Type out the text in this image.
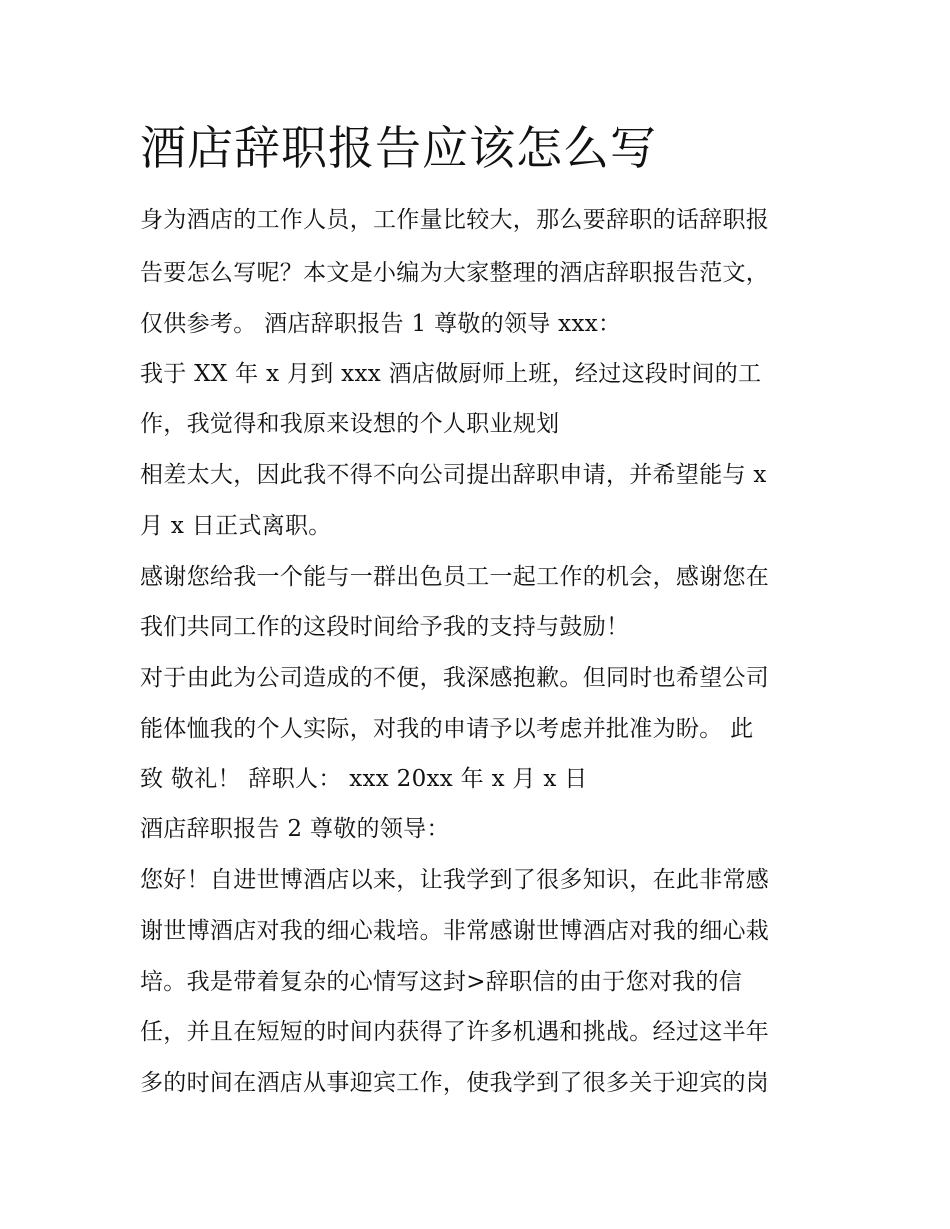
酒店辞职报告应该怎么写
身为酒店的工作人员，工作量比较大，那么要辞职的话辞职报
告要怎么写呢？本文是小编为大家整理的酒店辞职报告范文，
仅供参考。 酒店辞职报告 1 尊敬的领导 xxx：
我于 XX 年 x 月到 xxx 酒店做厨师上班，经过这段时间的工
作，我觉得和我原来设想的个人职业规划
相差太大，因此我不得不向公司提出辞职申请，并希望能与 x
月 x 日正式离职。
感谢您给我一个能与一群出色员工一起工作的机会，感谢您在
我们共同工作的这段时间给予我的支持与鼓励！
对于由此为公司造成的不便，我深感抱歉。但同时也希望公司
能体恤我的个人实际，对我的申请予以考虑并批准为盼。 此
致 敬礼！ 辞职人： xxx 20xx 年 x 月 x 日
酒店辞职报告 2 尊敬的领导：
您好！自进世博酒店以来，让我学到了很多知识，在此非常感
谢世博酒店对我的细心栽培。非常感谢世博酒店对我的细心栽
培。我是带着复杂的心情写这封>辞职信的由于您对我的信
任，并且在短短的时间内获得了许多机遇和挑战。经过这半年
多的时间在酒店从事迎宾工作，使我学到了很多关于迎宾的岗
